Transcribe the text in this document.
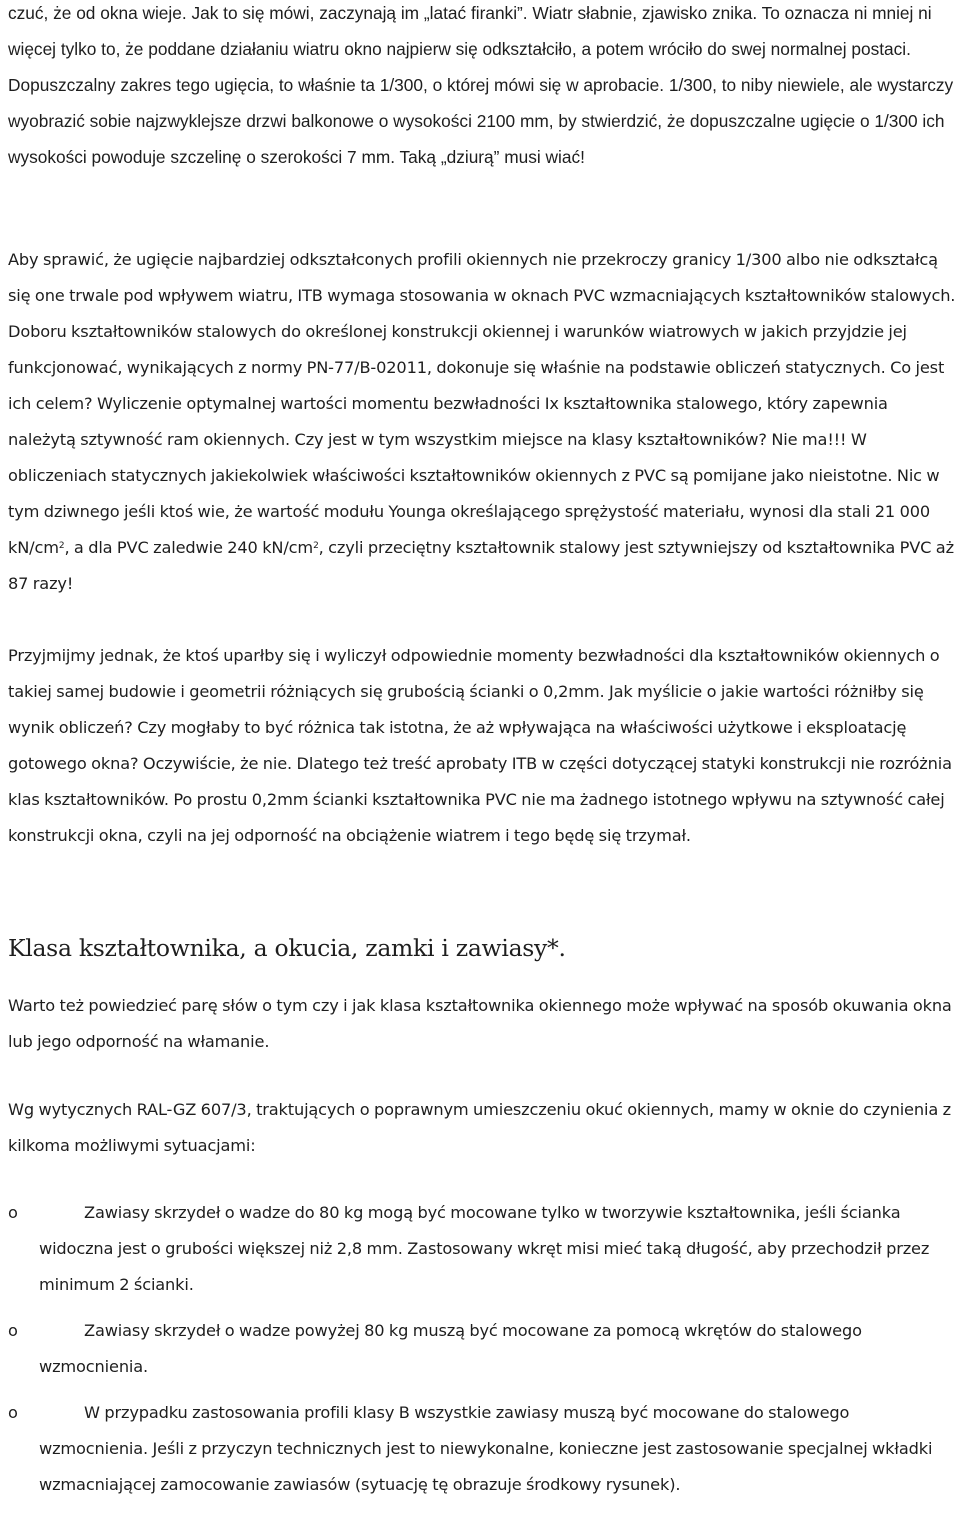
czuć, że od okna wieje. Jak to się mówi, zaczynają im „latać firanki”. Wiatr słabnie, zjawisko znika. To oznacza ni mniej ni więcej tylko to, że poddane działaniu wiatru okno najpierw się odkształciło, a potem wróciło do swej normalnej postaci. Dopuszczalny zakres tego ugięcia, to właśnie ta 1/300, o której mówi się w aprobacie. 1/300, to niby niewiele, ale wystarczy wyobrazić sobie najzwyklejsze drzwi balkonowe o wysokości 2100 mm, by stwierdzić, że dopuszczalne ugięcie o 1/300 ich wysokości powoduje szczelinę o szerokości 7 mm. Taką „dziurą” musi wiać!

Aby sprawić, że ugięcie najbardziej odkształconych profili okiennych nie przekroczy granicy 1/300 albo nie odkształcą się one trwale pod wpływem wiatru, ITB wymaga stosowania w oknach PVC wzmacniających kształtowników stalowych. Doboru kształtowników stalowych do określonej konstrukcji okiennej i warunków wiatrowych w jakich przyjdzie jej funkcjonować, wynikających z normy PN-77/B-02011, dokonuje się właśnie na podstawie obliczeń statycznych. Co jest ich celem? Wyliczenie optymalnej wartości momentu bezwładności Ix kształtownika stalowego, który zapewnia należytą sztywność ram okiennych. Czy jest w tym wszystkim miejsce na klasy kształtowników? Nie ma!!! W obliczeniach statycznych jakiekolwiek właściwości kształtowników okiennych z PVC są pomijane jako nieistotne. Nic w tym dziwnego jeśli ktoś wie, że wartość modułu Younga określającego sprężystość materiału, wynosi dla stali 21 000 $kN/cm^2$, a dla PVC zaledwie 240 $kN/cm^2$, czyli przeciętny kształtownik stalowy jest sztywniejszy od kształtownika PVC aż 87 razy!

Przyjmijmy jednak, że ktoś uparłby się i wyliczył odpowiednie momenty bezwładności dla kształtowników okiennych o takiej samej budowie i geometrii różniących się grubością ścianki o 0,2mm. Jak myślicie o jakie wartości różniłby się wynik obliczeń? Czy mogłaby to być różnica tak istotna, że aż wpływająca na właściwości użytkowe i eksploatację gotowego okna? Oczywiście, że nie. Dlatego też treść aprobaty ITB w części dotyczącej statyki konstrukcji nie rozróżnia klas kształtowników. Po prostu 0,2mm ścianki kształtownika PVC nie ma żadnego istotnego wpływu na sztywność całej konstrukcji okna, czyli na jej odporność na obciążenie wiatrem i tego będę się trzymał.

Klasa kształtownika, a okucia, zamki i zawiasy*.

Warto też powiedzieć parę słów o tym czy i jak klasa kształtownika okiennego może wpływać na sposób okuwania okna lub jego odporność na włamanie.

Wg wytycznych RAL-GZ 607/3, traktujących o poprawnym umieszczeniu okuć okiennych, mamy w oknie do czynienia z kilkoma możliwymi sytuacjami:

o	Zawiasy skrzydeł o wadze do 80 kg mogą być mocowane tylko w tworzywie kształtownika, jeśli ścianka widoczna jest o grubości większej niż 2,8 mm. Zastosowany wkręt misi mieć taką długość, aby przechodził przez minimum 2 ścianki.

o	Zawiasy skrzydeł o wadze powyżej 80 kg muszą być mocowane za pomocą wkrętów do stalowego wzmocnienia.

o	W przypadku zastosowania profili klasy B wszystkie zawiasy muszą być mocowane do stalowego wzmocnienia. Jeśli z przyczyn technicznych jest to niewykonalne, konieczne jest zastosowanie specjalnej wkładki wzmacniającej zamocowanie zawiasów (sytuację tę obrazuje środkowy rysunek).
